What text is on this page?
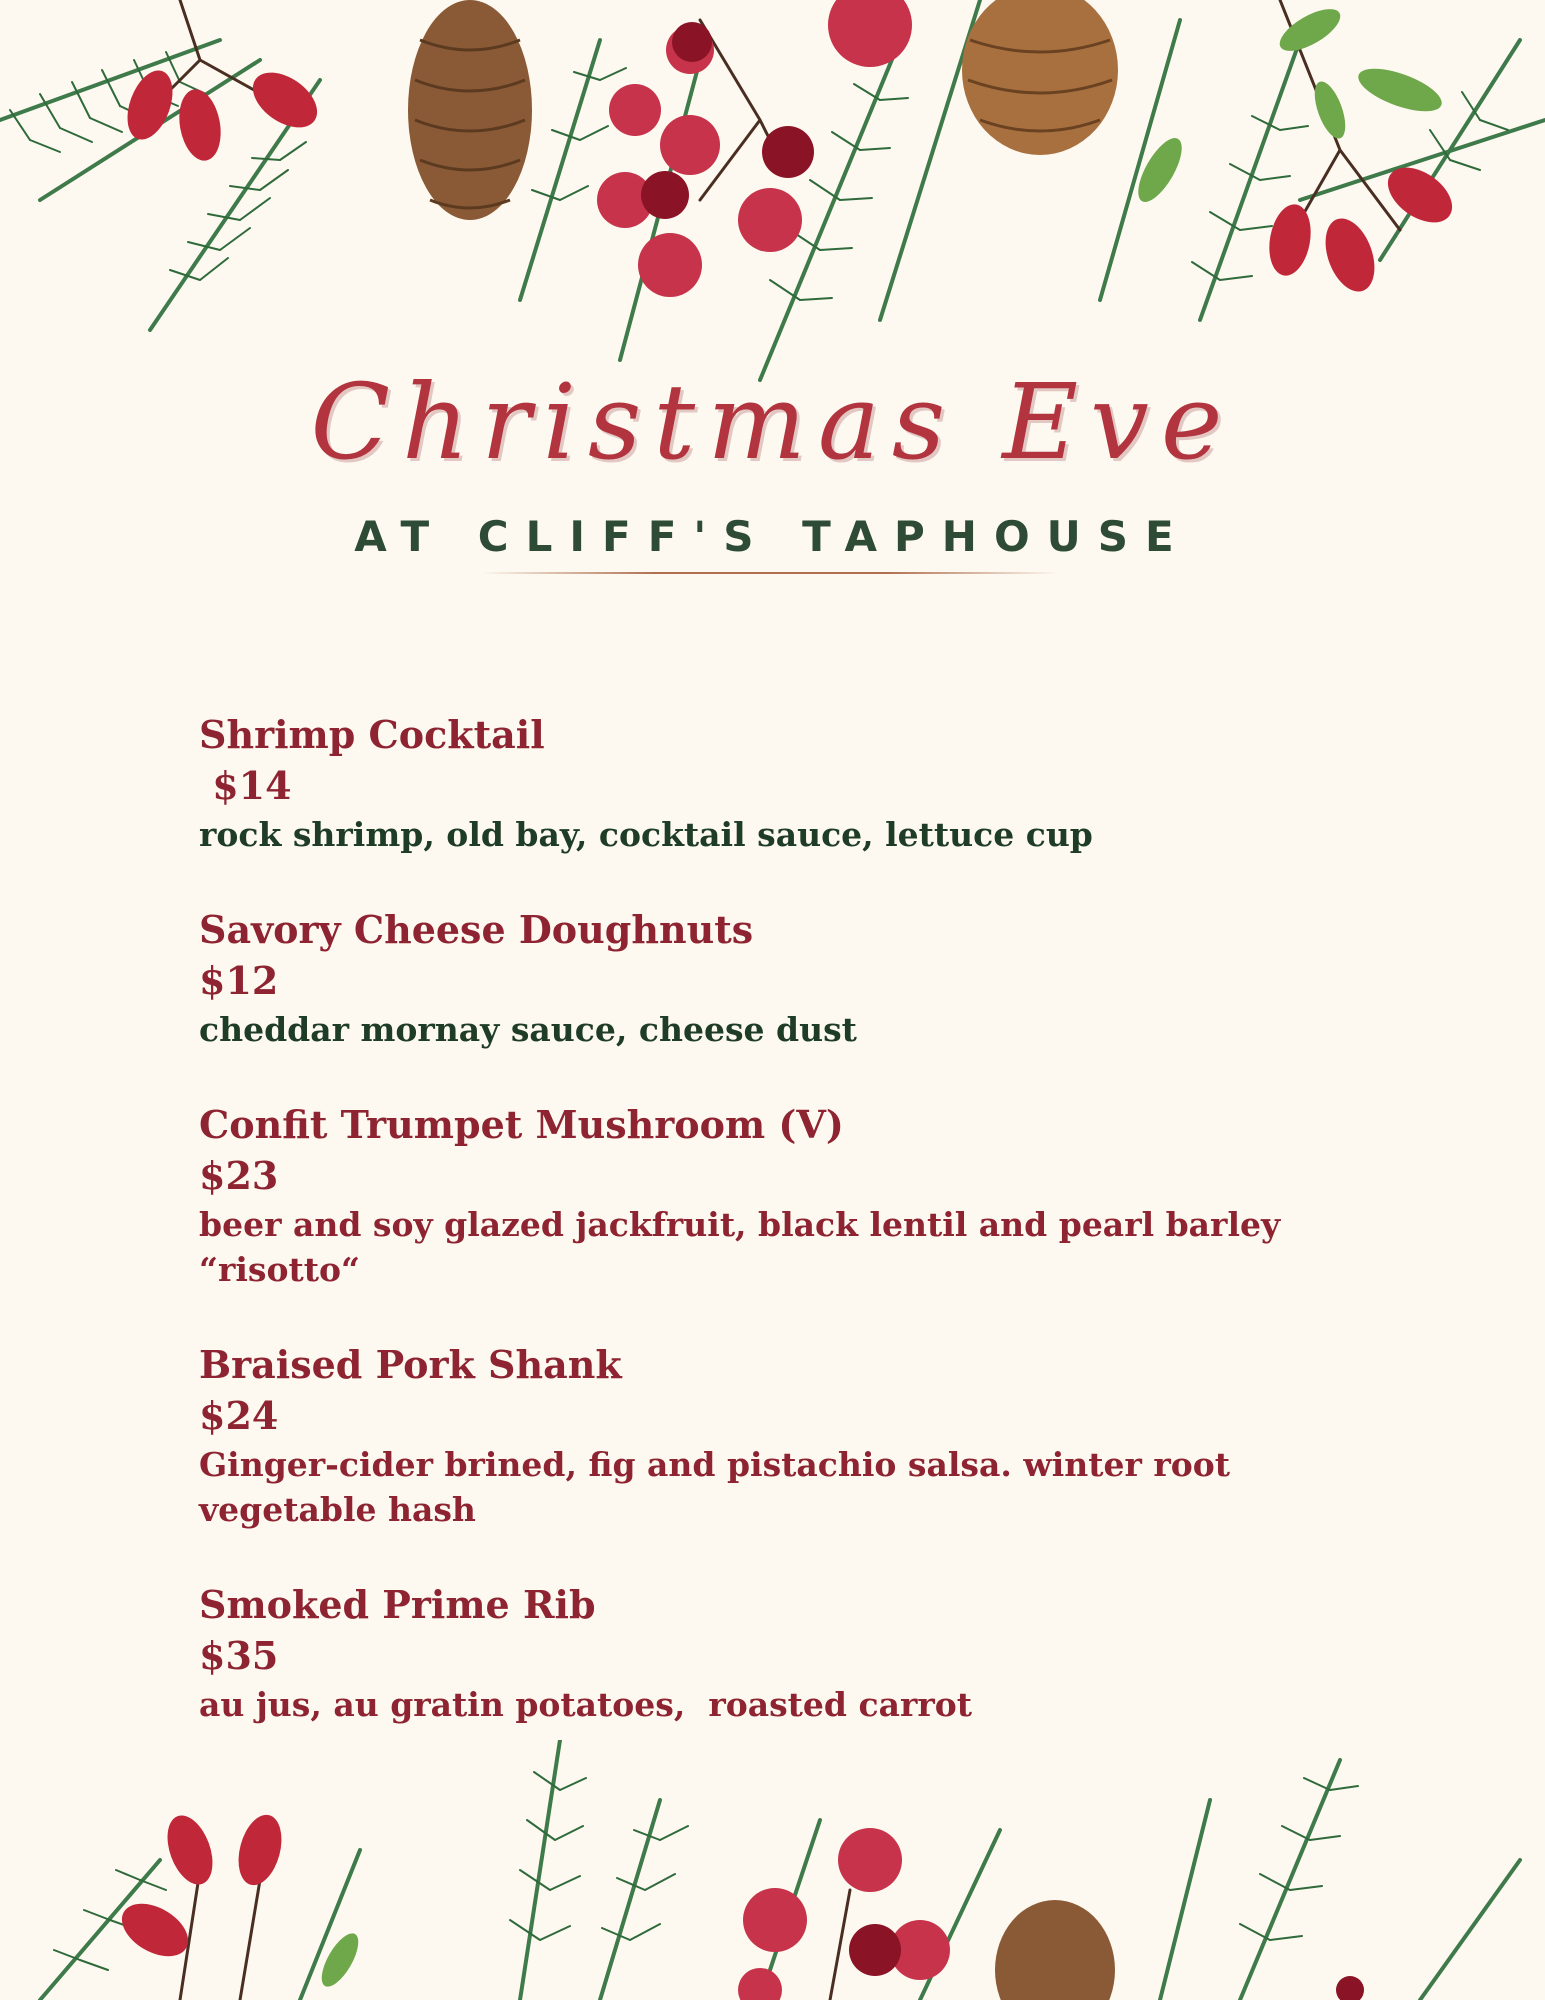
Christmas Eve
AT CLIFF'S TAPHOUSE
Shrimp Cocktail
$14
rock shrimp, old bay, cocktail sauce, lettuce cup
Savory Cheese Doughnuts
$12
cheddar mornay sauce, cheese dust
Confit Trumpet Mushroom (V)
$23
beer and soy glazed jackfruit, black lentil and pearl barley “risotto“
Braised Pork Shank
$24
Ginger-cider brined, fig and pistachio salsa. winter root vegetable hash
Smoked Prime Rib
$35
au jus, au gratin potatoes,  roasted carrot
